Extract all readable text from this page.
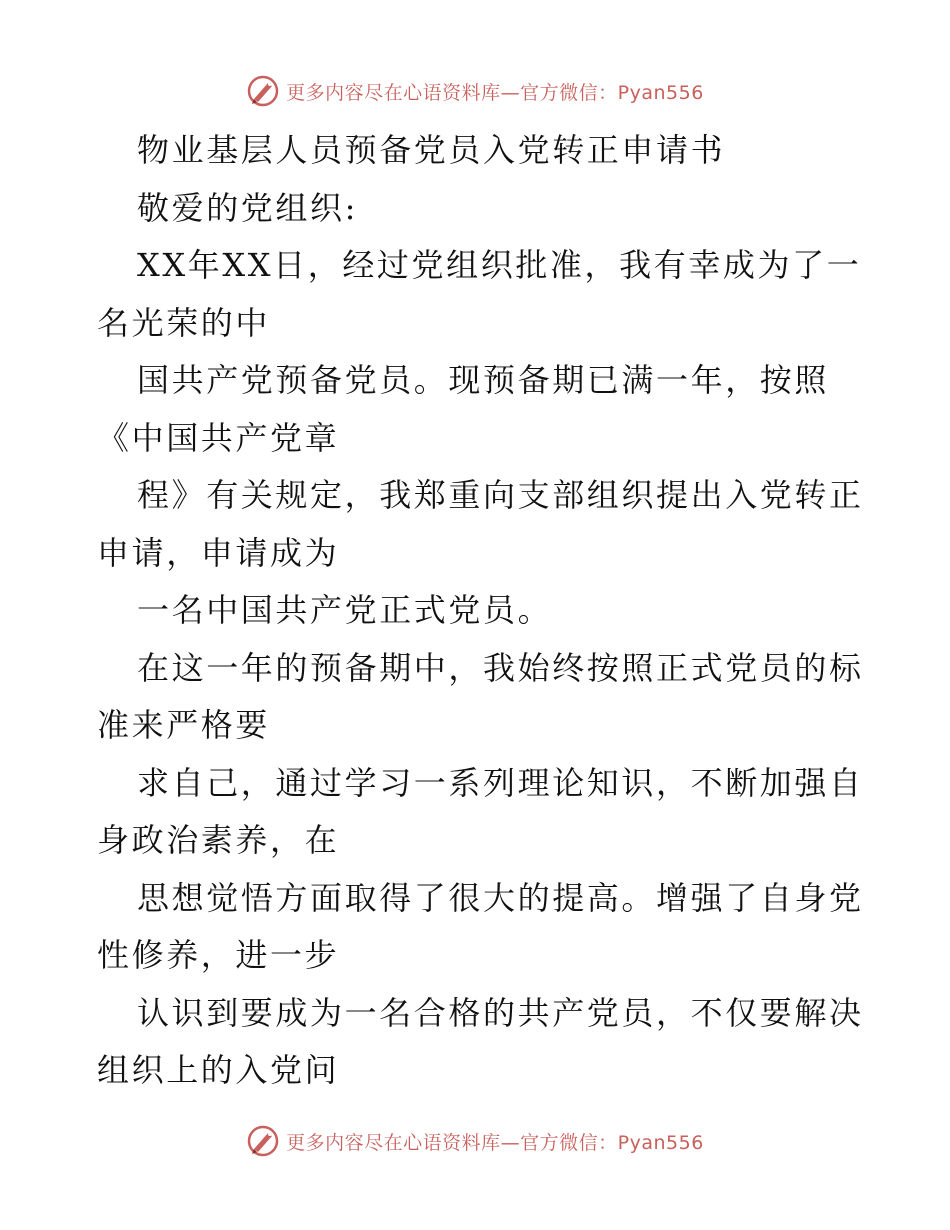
更多内容尽在心语资料库—官方微信：Pyan556
物业基层人员预备党员入党转正申请书
敬爱的党组织:
XX年XX日，经过党组织批准，我有幸成为了一
名光荣的中
国共产党预备党员。现预备期已满一年，按照
《中国共产党章
程》有关规定，我郑重向支部组织提出入党转正
申请，申请成为
一名中国共产党正式党员。
在这一年的预备期中，我始终按照正式党员的标
准来严格要
求自己，通过学习一系列理论知识，不断加强自
身政治素养，在
思想觉悟方面取得了很大的提高。增强了自身党
性修养，进一步
认识到要成为一名合格的共产党员，不仅要解决
组织上的入党问
更多内容尽在心语资料库—官方微信：Pyan556
